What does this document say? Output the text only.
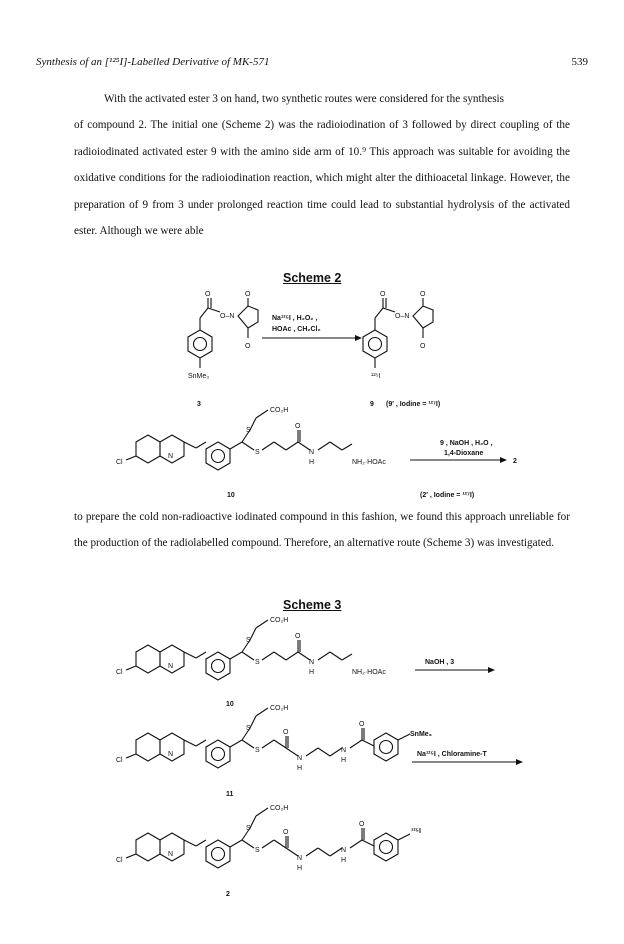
Synthesis of an [¹²⁵I]-Labelled Derivative of MK-571	539
With the activated ester 3 on hand, two synthetic routes were considered for the synthesis
of compound 2. The initial one (Scheme 2) was the radioiodination of 3 followed by direct coupling of the radioiodinated activated ester 9 with the amino side arm of 10.⁹ This approach was suitable for avoiding the oxidative conditions for the radioiodination reaction, which might alter the dithioacetal linkage. However, the preparation of 9 from 3 under prolonged reaction time could lead to substantial hydrolysis of the activated ester. Although we were able
Scheme 2
to prepare the cold non-radioactive iodinated compound in this fashion, we found this approach unreliable for the production of the radiolabelled compound. Therefore, an alternative route (Scheme 3) was investigated.
Scheme 3
O
O–N
O
O
SnMe₃
3
Na¹²⁵I , H₂O₂ ,
HOAc , CH₂Cl₂
O
O–N
O
O
¹²⁵I
9 (9′ , Iodine = ¹²⁷I)
Cl
N
S
CO₂H
S
O
N
H	NH₂·HOAc
10
9 , NaOH , H₂O ,
1,4-Dioxane
2
(2′ , Iodine = ¹²⁷I)
Cl
N
S
CO₂H
S
O
N
H	NH₂·HOAc
NaOH , 3
10
Cl
N
S
CO₂H
S
O
N
H
N
H
O
SnMe₃
Na¹²⁵I , Chloramine-T
11
Cl
N
S
CO₂H
S
O
N
H
N
H
O
¹²⁵I
2
